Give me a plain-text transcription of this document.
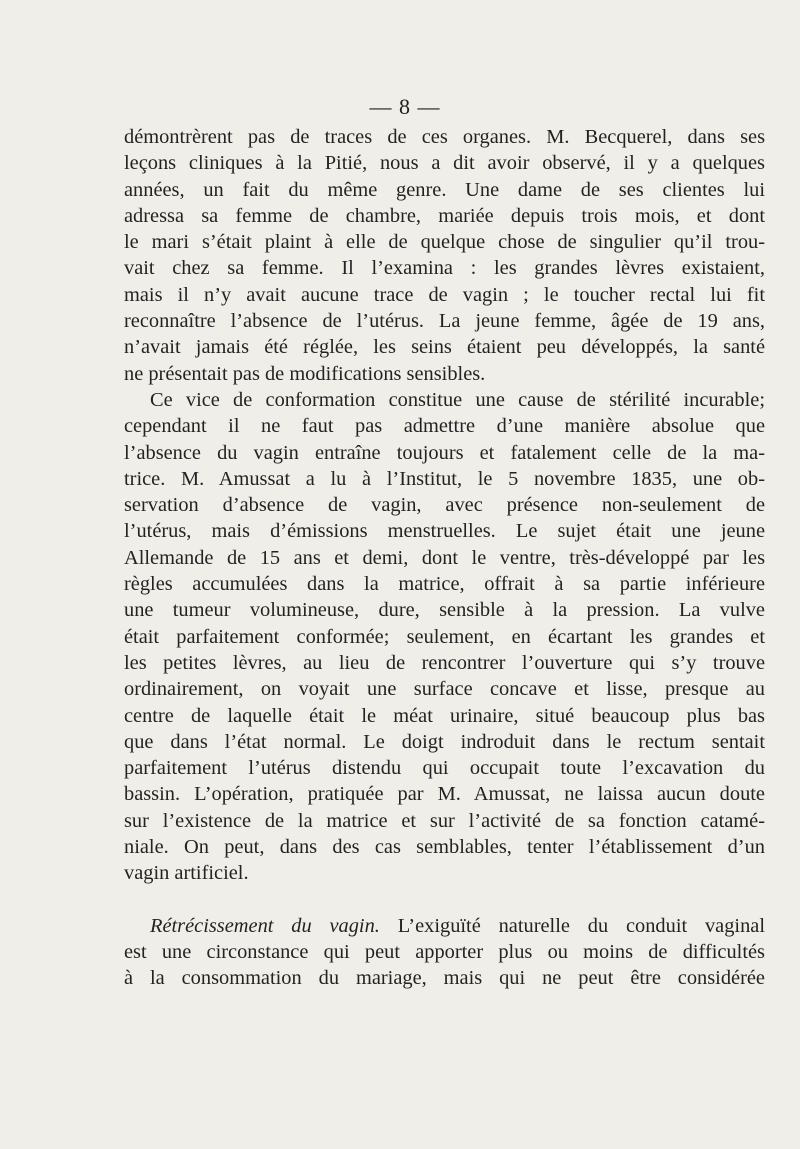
— 8 —

démontrèrent pas de traces de ces organes. M. Becquerel, dans ses
leçons cliniques à la Pitié, nous a dit avoir observé, il y a quelques
années, un fait du même genre. Une dame de ses clientes lui
adressa sa femme de chambre, mariée depuis trois mois, et dont
le mari s’était plaint à elle de quelque chose de singulier qu’il trou-
vait chez sa femme. Il l’examina : les grandes lèvres existaient,
mais il n’y avait aucune trace de vagin ; le toucher rectal lui fit
reconnaître l’absence de l’utérus. La jeune femme, âgée de 19 ans,
n’avait jamais été réglée, les seins étaient peu développés, la santé
ne présentait pas de modifications sensibles.

Ce vice de conformation constitue une cause de stérilité incurable;
cependant il ne faut pas admettre d’une manière absolue que
l’absence du vagin entraîne toujours et fatalement celle de la ma-
trice. M. Amussat a lu à l’Institut, le 5 novembre 1835, une ob-
servation d’absence de vagin, avec présence non-seulement de
l’utérus, mais d’émissions menstruelles. Le sujet était une jeune
Allemande de 15 ans et demi, dont le ventre, très-développé par les
règles accumulées dans la matrice, offrait à sa partie inférieure
une tumeur volumineuse, dure, sensible à la pression. La vulve
était parfaitement conformée; seulement, en écartant les grandes et
les petites lèvres, au lieu de rencontrer l’ouverture qui s’y trouve
ordinairement, on voyait une surface concave et lisse, presque au
centre de laquelle était le méat urinaire, situé beaucoup plus bas
que dans l’état normal. Le doigt indroduit dans le rectum sentait
parfaitement l’utérus distendu qui occupait toute l’excavation du
bassin. L’opération, pratiquée par M. Amussat, ne laissa aucun doute
sur l’existence de la matrice et sur l’activité de sa fonction catamé-
niale. On peut, dans des cas semblables, tenter l’établissement d’un
vagin artificiel.

Rétrécissement du vagin. L’exiguïté naturelle du conduit vaginal
est une circonstance qui peut apporter plus ou moins de difficultés
à la consommation du mariage, mais qui ne peut être considérée
